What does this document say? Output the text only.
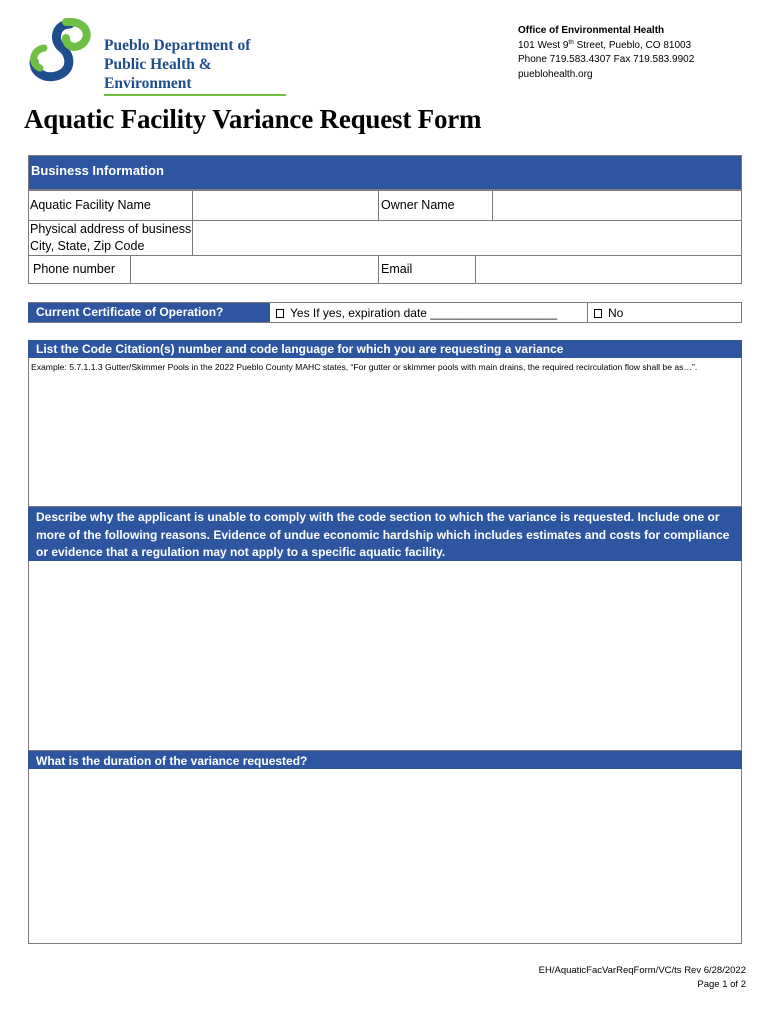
Pueblo Department of
Public Health & Environment
Office of Environmental Health
101 West 9th Street, Pueblo, CO 81003
Phone 719.583.4307 Fax 719.583.9902
pueblohealth.org
Aquatic Facility Variance Request Form
Business Information
Aquatic Facility Name	Owner Name
Physical address of business
City, State, Zip Code
Phone number	Email
Current Certificate of Operation?	Yes If yes, expiration date ___________________	No
List the Code Citation(s) number and code language for which you are requesting a variance
Example: 5.7.1.1.3 Gutter/Skimmer Pools in the 2022 Pueblo County MAHC states, “For gutter or skimmer pools with main drains, the required recirculation flow shall be as…”.
Describe why the applicant is unable to comply with the code section to which the variance is requested. Include one or more of the following reasons. Evidence of undue economic hardship which includes estimates and costs for compliance or evidence that a regulation may not apply to a specific aquatic facility.
What is the duration of the variance requested?
EH/AquaticFacVarReqForm/VC/ts Rev 6/28/2022
Page 1 of 2
